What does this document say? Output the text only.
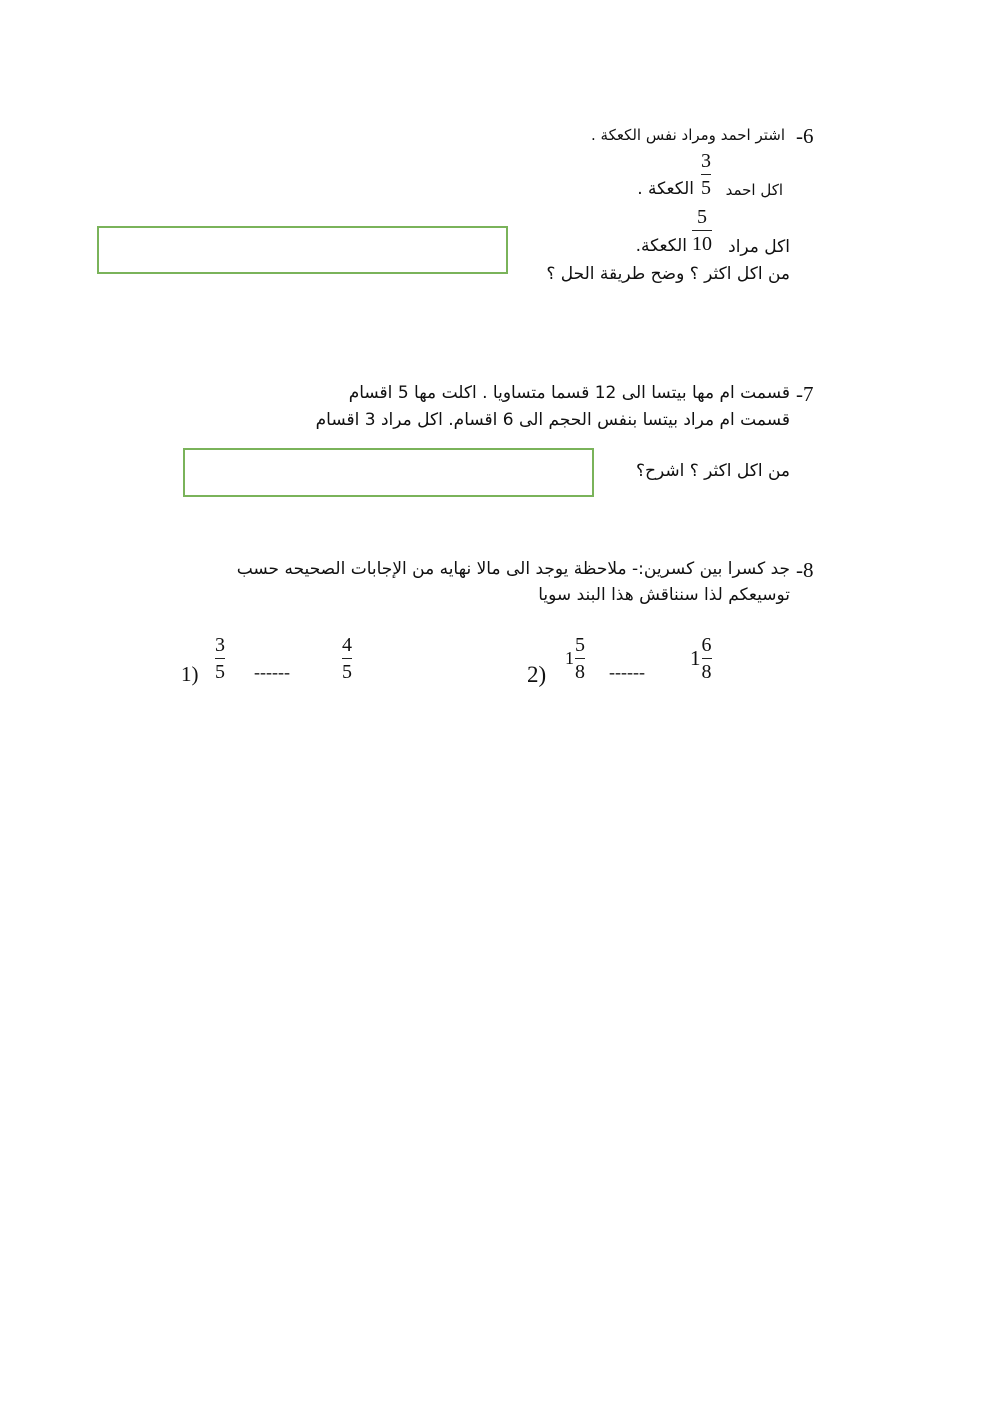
-6
اشتر احمد ومراد نفس الكعكة .
اكل احمد
3
5
الكعكة .
اكل مراد
5
10
الكعكة.
من اكل اكثر ؟ وضح طريقة الحل ؟
-7
قسمت ام مها بيتسا الى 12 قسما متساويا . اكلت مها 5 اقسام
قسمت ام مراد بيتسا بنفس الحجم الى 6 اقسام. اكل مراد 3 اقسام
من اكل اكثر ؟ اشرح؟
-8
جد كسرا بين كسرين:- ملاحظة يوجد الى مالا نهايه من الإجابات الصحيحه حسب
توسيعكم لذا سنناقش هذا البند سويا
1)
3
5 ------
4
5	2)
$1 \frac{5}{8}$ ------
$1 \frac{6}{8}$
